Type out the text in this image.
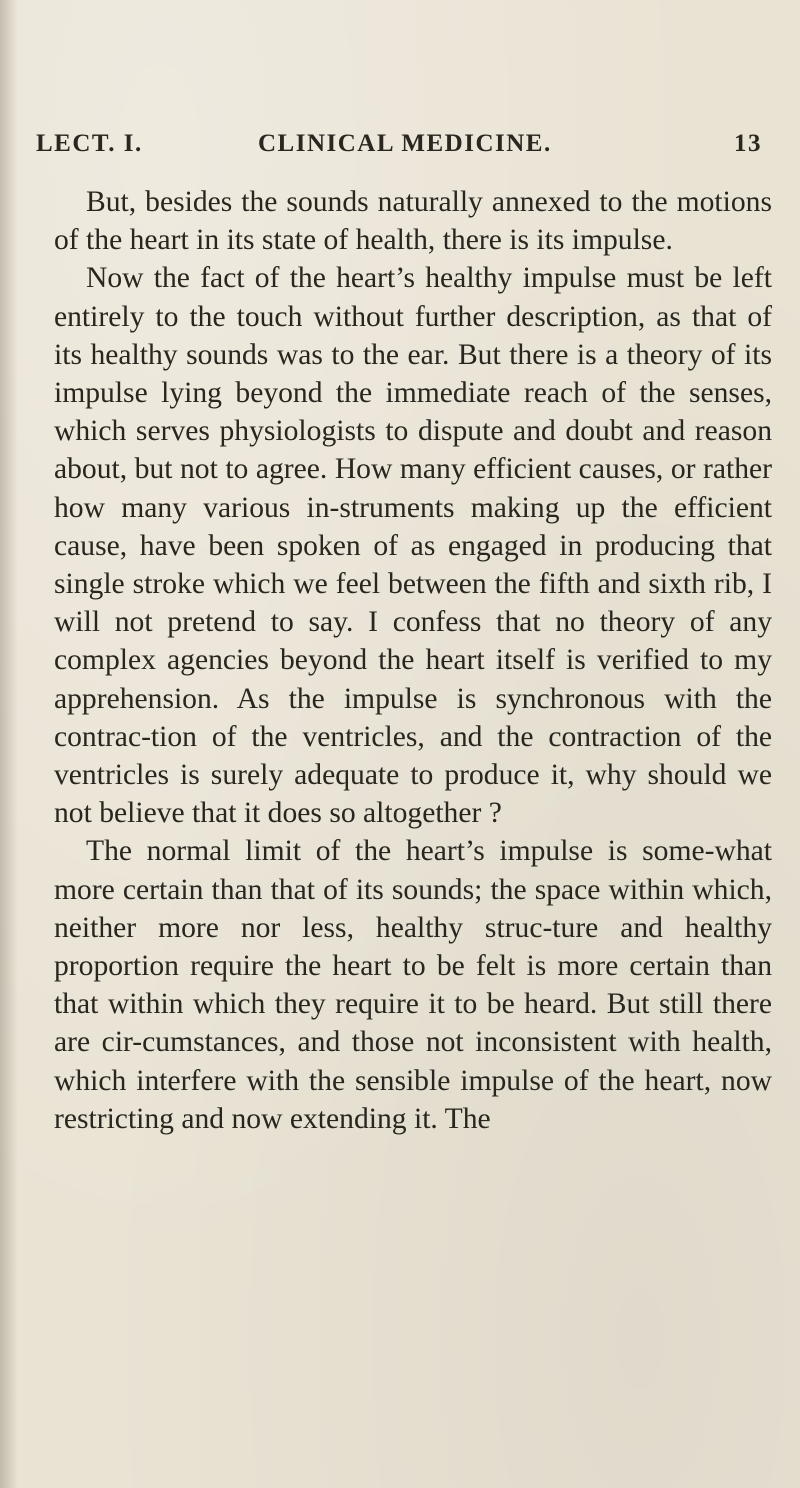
LECT. I.	CLINICAL MEDICINE.	13

But, besides the sounds naturally annexed to the motions of the heart in its state of health, there is its impulse.

Now the fact of the heart’s healthy impulse must be left entirely to the touch without further description, as that of its healthy sounds was to the ear. But there is a theory of its impulse lying beyond the immediate reach of the senses, which serves physiologists to dispute and doubt and reason about, but not to agree. How many efficient causes, or rather how many various in-struments making up the efficient cause, have been spoken of as engaged in producing that single stroke which we feel between the fifth and sixth rib, I will not pretend to say. I confess that no theory of any complex agencies beyond the heart itself is verified to my apprehension. As the impulse is synchronous with the contrac-tion of the ventricles, and the contraction of the ventricles is surely adequate to produce it, why should we not believe that it does so altogether ?

The normal limit of the heart’s impulse is some-what more certain than that of its sounds; the space within which, neither more nor less, healthy struc-ture and healthy proportion require the heart to be felt is more certain than that within which they require it to be heard. But still there are cir-cumstances, and those not inconsistent with health, which interfere with the sensible impulse of the heart, now restricting and now extending it. The
